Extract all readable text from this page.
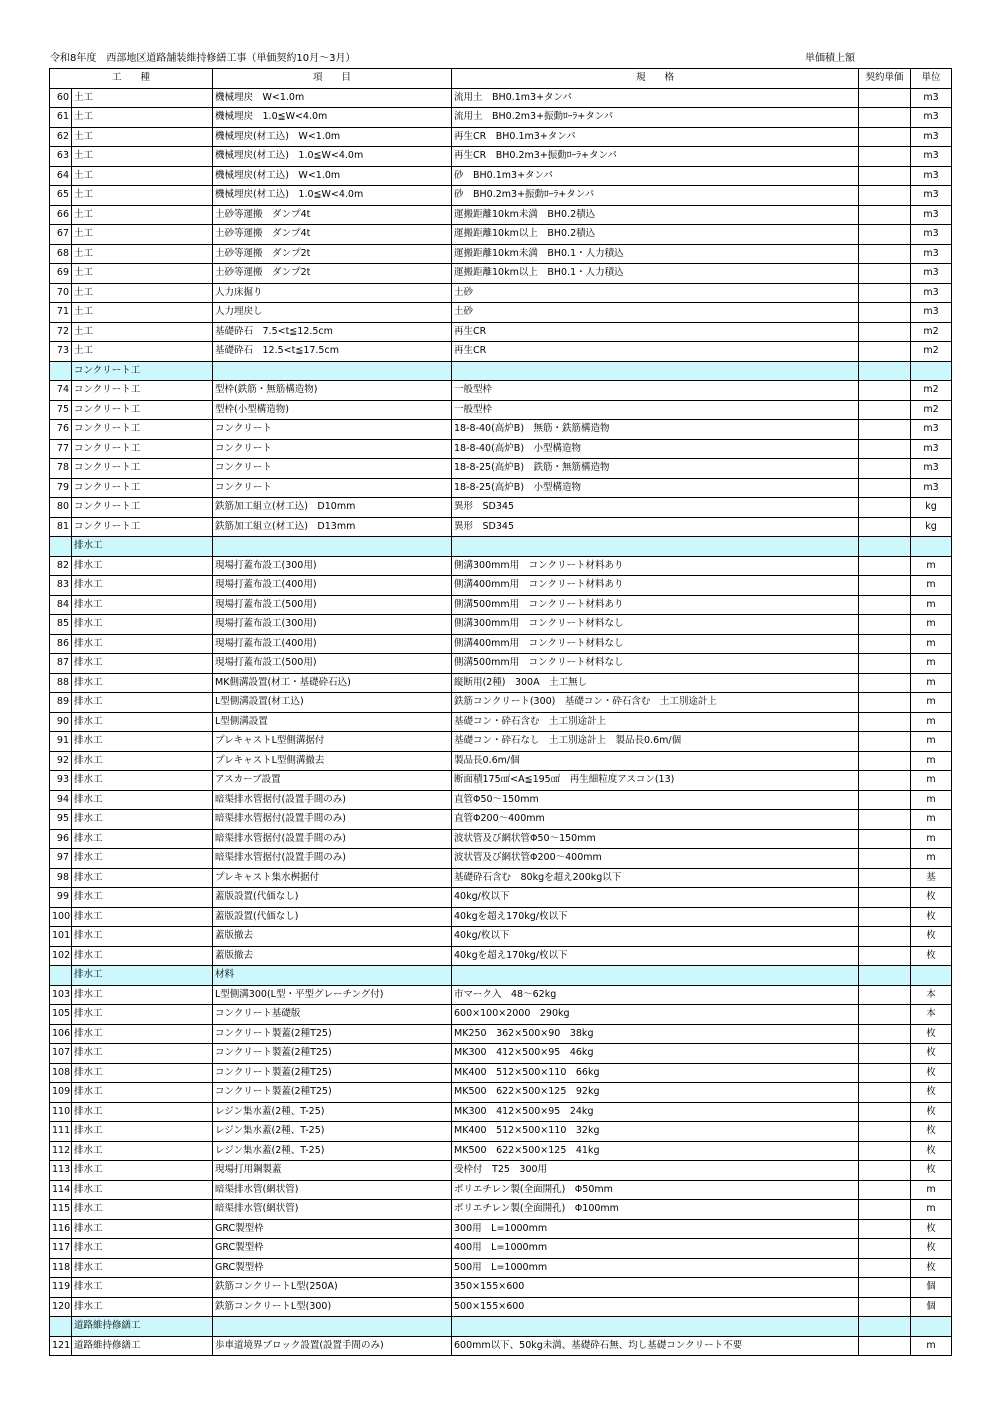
令和8年度　西部地区道路舗装維持修繕工事（単価契約10月～3月）	単価積上額
工　　種		項　　目	規　　格	契約単価	単位
60	土工	機械埋戻　W<1.0m	流用土　BH0.1m3+タンパ		m3
61	土工	機械埋戻　1.0≦W<4.0m	流用土　BH0.2m3+振動ﾛｰﾗ+タンパ		m3
62	土工	機械埋戻(材工込)　W<1.0m	再生CR　BH0.1m3+タンパ		m3
63	土工	機械埋戻(材工込)　1.0≦W<4.0m	再生CR　BH0.2m3+振動ﾛｰﾗ+タンパ		m3
64	土工	機械埋戻(材工込)　W<1.0m	砂　BH0.1m3+タンパ		m3
65	土工	機械埋戻(材工込)　1.0≦W<4.0m	砂　BH0.2m3+振動ﾛｰﾗ+タンパ		m3
66	土工	土砂等運搬　ダンプ4t	運搬距離10km未満　BH0.2積込		m3
67	土工	土砂等運搬　ダンプ4t	運搬距離10km以上　BH0.2積込		m3
68	土工	土砂等運搬　ダンプ2t	運搬距離10km未満　BH0.1・人力積込		m3
69	土工	土砂等運搬　ダンプ2t	運搬距離10km以上　BH0.1・人力積込		m3
70	土工	人力床掘り	土砂		m3
71	土工	人力埋戻し	土砂		m3
72	土工	基礎砕石　7.5<t≦12.5cm	再生CR		m2
73	土工	基礎砕石　12.5<t≦17.5cm	再生CR		m2
	コンクリート工				
74	コンクリート工	型枠(鉄筋・無筋構造物)	一般型枠		m2
75	コンクリート工	型枠(小型構造物)	一般型枠		m2
76	コンクリート工	コンクリート	18-8-40(高炉B)　無筋・鉄筋構造物		m3
77	コンクリート工	コンクリート	18-8-40(高炉B)　小型構造物		m3
78	コンクリート工	コンクリート	18-8-25(高炉B)　鉄筋・無筋構造物		m3
79	コンクリート工	コンクリート	18-8-25(高炉B)　小型構造物		m3
80	コンクリート工	鉄筋加工組立(材工込)　D10mm	異形　SD345		kg
81	コンクリート工	鉄筋加工組立(材工込)　D13mm	異形　SD345		kg
	排水工				
82	排水工	現場打蓋布設工(300用)	側溝300mm用　コンクリート材料あり		m
83	排水工	現場打蓋布設工(400用)	側溝400mm用　コンクリート材料あり		m
84	排水工	現場打蓋布設工(500用)	側溝500mm用　コンクリート材料あり		m
85	排水工	現場打蓋布設工(300用)	側溝300mm用　コンクリート材料なし		m
86	排水工	現場打蓋布設工(400用)	側溝400mm用　コンクリート材料なし		m
87	排水工	現場打蓋布設工(500用)	側溝500mm用　コンクリート材料なし		m
88	排水工	MK側溝設置(材工・基礎砕石込)	縦断用(2種)　300A　土工無し		m
89	排水工	L型側溝設置(材工込)	鉄筋コンクリート(300)　基礎コン・砕石含む　土工別途計上		m
90	排水工	L型側溝設置	基礎コン・砕石含む　土工別途計上		m
91	排水工	プレキャストL型側溝据付	基礎コン・砕石なし　土工別途計上　製品長0.6m/個		m
92	排水工	プレキャストL型側溝撤去	製品長0.6m/個		m
93	排水工	アスカーブ設置	断面積175㎠<A≦195㎠　再生細粒度アスコン(13)		m
94	排水工	暗渠排水管据付(設置手間のみ)	直管Φ50～150mm		m
95	排水工	暗渠排水管据付(設置手間のみ)	直管Φ200～400mm		m
96	排水工	暗渠排水管据付(設置手間のみ)	波状管及び網状管Φ50～150mm		m
97	排水工	暗渠排水管据付(設置手間のみ)	波状管及び網状管Φ200～400mm		m
98	排水工	プレキャスト集水桝据付	基礎砕石含む　80kgを超え200kg以下		基
99	排水工	蓋版設置(代価なし)	40kg/枚以下		枚
100	排水工	蓋版設置(代価なし)	40kgを超え170kg/枚以下		枚
101	排水工	蓋版撤去	40kg/枚以下		枚
102	排水工	蓋版撤去	40kgを超え170kg/枚以下		枚
	排水工	材料			
103	排水工	L型側溝300(L型・平型グレーチング付)	市マーク入　48～62kg		本
105	排水工	コンクリート基礎版	600×100×2000　290kg		本
106	排水工	コンクリート製蓋(2種T25)	MK250　362×500×90　38kg		枚
107	排水工	コンクリート製蓋(2種T25)	MK300　412×500×95　46kg		枚
108	排水工	コンクリート製蓋(2種T25)	MK400　512×500×110　66kg		枚
109	排水工	コンクリート製蓋(2種T25)	MK500　622×500×125　92kg		枚
110	排水工	レジン集水蓋(2種、T-25)	MK300　412×500×95　24kg		枚
111	排水工	レジン集水蓋(2種、T-25)	MK400　512×500×110　32kg		枚
112	排水工	レジン集水蓋(2種、T-25)	MK500　622×500×125　41kg		枚
113	排水工	現場打用鋼製蓋	受枠付　T25　300用		枚
114	排水工	暗渠排水管(網状管)	ポリエチレン製(全面開孔)　Φ50mm		m
115	排水工	暗渠排水管(網状管)	ポリエチレン製(全面開孔)　Φ100mm		m
116	排水工	GRC製型枠	300用　L=1000mm		枚
117	排水工	GRC製型枠	400用　L=1000mm		枚
118	排水工	GRC製型枠	500用　L=1000mm		枚
119	排水工	鉄筋コンクリートL型(250A)	350×155×600		個
120	排水工	鉄筋コンクリートL型(300)	500×155×600		個
	道路維持修繕工				
121	道路維持修繕工	歩車道境界ブロック設置(設置手間のみ)	600mm以下、50kg未満、基礎砕石無、均し基礎コンクリート不要		m
